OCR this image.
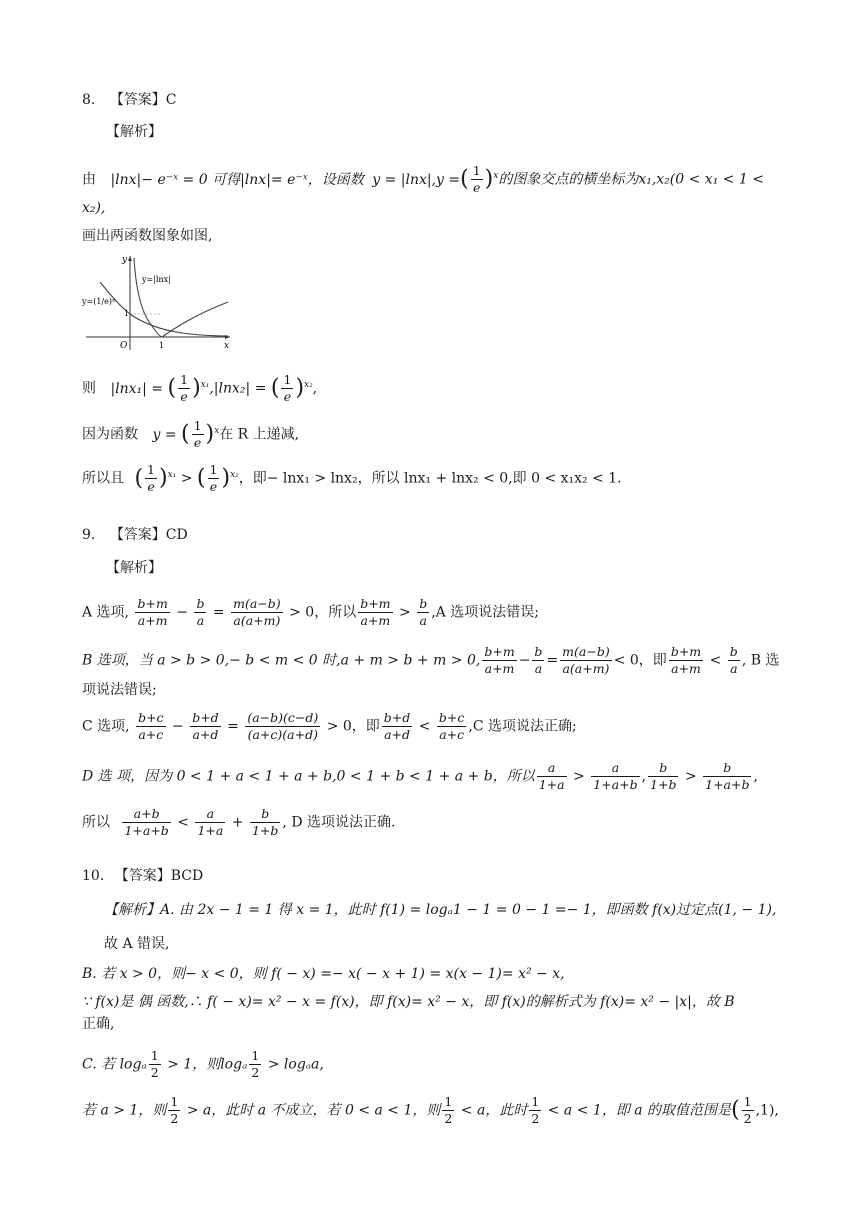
8. 【答案】C
【解析】
由 |lnx|− e⁻ˣ = 0 可得|lnx|= e⁻ˣ，设函数 y = |lnx|,y =( $\frac{1}{e} )^x$的图象交点的横坐标为x₁,x₂(0 < x₁ < 1 <
x₂),
画出两函数图象如图,
y
y=|lnx|
y=(1/e)ˣ
1
O	1	x
则 |lnx₁| = ( $\frac{1}{e} )^{x_1},|\ln x_2|$ = ( $\frac{1}{e} )^{x_2}$,
因为函数 y = ( $\frac{1}{e} )^x$在 R 上递减,
所以且 ( $\frac{1}{e} )^{x_1}$ > ( $\frac{1}{e} )^{x_2}$，即− lnx₁ > lnx₂，所以 lnx₁ + lnx₂ < 0,即 0 < x₁x₂ < 1.
9. 【答案】CD
【解析】
A 选项, $\frac{b+m}{a+m} - \frac{b}{a} = \frac{m(a-b)}{a(a+m)} > 0$，所以 $\frac{b+m}{a+m} > \frac{b}{a} ,A$ 选项说法错误;
B 选项，当 a > b > 0,− b < m < 0 时,a + m > b + m > 0, $\frac{b+m}{a+m} - \frac{b}{a} = \frac{m(a-b)}{a(a+m)} < 0$，即 $\frac{b+m}{a+m} < \frac{b}{a}$ , B 选
项说法错误;
C 选项, $\frac{b+c}{a+c} - \frac{b+d}{a+d} = \frac{(a-b)(c-d)}{(a+c)(a+d)} > 0$，即 $\frac{b+d}{a+d} < \frac{b+c}{a+c} ,C$ 选项说法正确;
D 选 项，因为 0 < 1 + a < 1 + a + b,0 < 1 + b < 1 + a + b，所以 $\frac{a}{1+a} > \frac{a}{1+a+b}$ , $\frac{b}{1+b} > \frac{b}{1+a+b}$ ,
所以 $\frac{a+b}{1+a+b} < \frac{a}{1+a} + \frac{b}{1+b}$ , D 选项说法正确.
10. 【答案】BCD
【解析】A. 由 2x − 1 = 1 得 x = 1，此时 f(1) = logₐ1 − 1 = 0 − 1 =− 1，即函数 f(x)过定点(1, − 1),
故 A 错误,
B. 若 x > 0，则− x < 0，则 f( − x) =− x( − x + 1) = x(x − 1)= x² − x,
∵ f(x)是 偶 函数,∴ f( − x)= x² − x = f(x)，即 f(x)= x² − x，即 f(x)的解析式为 f(x)= x² − |x|，故 B
正确,
C. 若 logₐ $\frac{1}{2} > 1$，则logₐ $\frac{1}{2} > \log_aa$,
若 a > 1，则 $\frac{1}{2} > a$，此时 a 不成立，若 0 < a < 1，则 $\frac{1}{2} < a$，此时 $\frac{1}{2} < a < 1$，即 a 的取值范围是( $\frac{1}{2} ,1$),
